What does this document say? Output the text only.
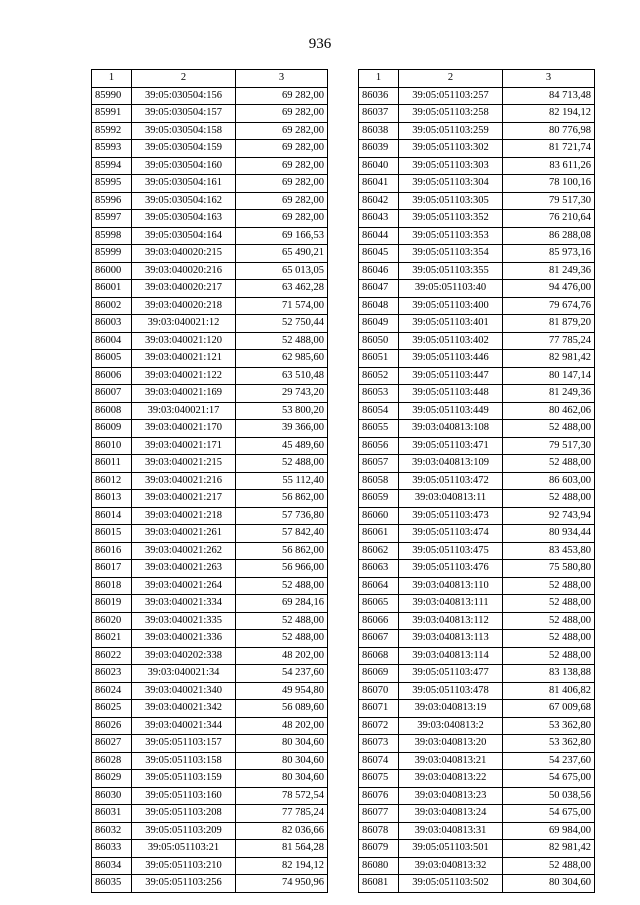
936
1	2	3
85990	39:05:030504:156	69 282,00
85991	39:05:030504:157	69 282,00
85992	39:05:030504:158	69 282,00
85993	39:05:030504:159	69 282,00
85994	39:05:030504:160	69 282,00
85995	39:05:030504:161	69 282,00
85996	39:05:030504:162	69 282,00
85997	39:05:030504:163	69 282,00
85998	39:05:030504:164	69 166,53
85999	39:03:040020:215	65 490,21
86000	39:03:040020:216	65 013,05
86001	39:03:040020:217	63 462,28
86002	39:03:040020:218	71 574,00
86003	39:03:040021:12	52 750,44
86004	39:03:040021:120	52 488,00
86005	39:03:040021:121	62 985,60
86006	39:03:040021:122	63 510,48
86007	39:03:040021:169	29 743,20
86008	39:03:040021:17	53 800,20
86009	39:03:040021:170	39 366,00
86010	39:03:040021:171	45 489,60
86011	39:03:040021:215	52 488,00
86012	39:03:040021:216	55 112,40
86013	39:03:040021:217	56 862,00
86014	39:03:040021:218	57 736,80
86015	39:03:040021:261	57 842,40
86016	39:03:040021:262	56 862,00
86017	39:03:040021:263	56 966,00
86018	39:03:040021:264	52 488,00
86019	39:03:040021:334	69 284,16
86020	39:03:040021:335	52 488,00
86021	39:03:040021:336	52 488,00
86022	39:03:040202:338	48 202,00
86023	39:03:040021:34	54 237,60
86024	39:03:040021:340	49 954,80
86025	39:03:040021:342	56 089,60
86026	39:03:040021:344	48 202,00
86027	39:05:051103:157	80 304,60
86028	39:05:051103:158	80 304,60
86029	39:05:051103:159	80 304,60
86030	39:05:051103:160	78 572,54
86031	39:05:051103:208	77 785,24
86032	39:05:051103:209	82 036,66
86033	39:05:051103:21	81 564,28
86034	39:05:051103:210	82 194,12
86035	39:05:051103:256	74 950,96
1	2	3
86036	39:05:051103:257	84 713,48
86037	39:05:051103:258	82 194,12
86038	39:05:051103:259	80 776,98
86039	39:05:051103:302	81 721,74
86040	39:05:051103:303	83 611,26
86041	39:05:051103:304	78 100,16
86042	39:05:051103:305	79 517,30
86043	39:05:051103:352	76 210,64
86044	39:05:051103:353	86 288,08
86045	39:05:051103:354	85 973,16
86046	39:05:051103:355	81 249,36
86047	39:05:051103:40	94 476,00
86048	39:05:051103:400	79 674,76
86049	39:05:051103:401	81 879,20
86050	39:05:051103:402	77 785,24
86051	39:05:051103:446	82 981,42
86052	39:05:051103:447	80 147,14
86053	39:05:051103:448	81 249,36
86054	39:05:051103:449	80 462,06
86055	39:03:040813:108	52 488,00
86056	39:05:051103:471	79 517,30
86057	39:03:040813:109	52 488,00
86058	39:05:051103:472	86 603,00
86059	39:03:040813:11	52 488,00
86060	39:05:051103:473	92 743,94
86061	39:05:051103:474	80 934,44
86062	39:05:051103:475	83 453,80
86063	39:05:051103:476	75 580,80
86064	39:03:040813:110	52 488,00
86065	39:03:040813:111	52 488,00
86066	39:03:040813:112	52 488,00
86067	39:03:040813:113	52 488,00
86068	39:03:040813:114	52 488,00
86069	39:05:051103:477	83 138,88
86070	39:05:051103:478	81 406,82
86071	39:03:040813:19	67 009,68
86072	39:03:040813:2	53 362,80
86073	39:03:040813:20	53 362,80
86074	39:03:040813:21	54 237,60
86075	39:03:040813:22	54 675,00
86076	39:03:040813:23	50 038,56
86077	39:03:040813:24	54 675,00
86078	39:03:040813:31	69 984,00
86079	39:05:051103:501	82 981,42
86080	39:03:040813:32	52 488,00
86081	39:05:051103:502	80 304,60
